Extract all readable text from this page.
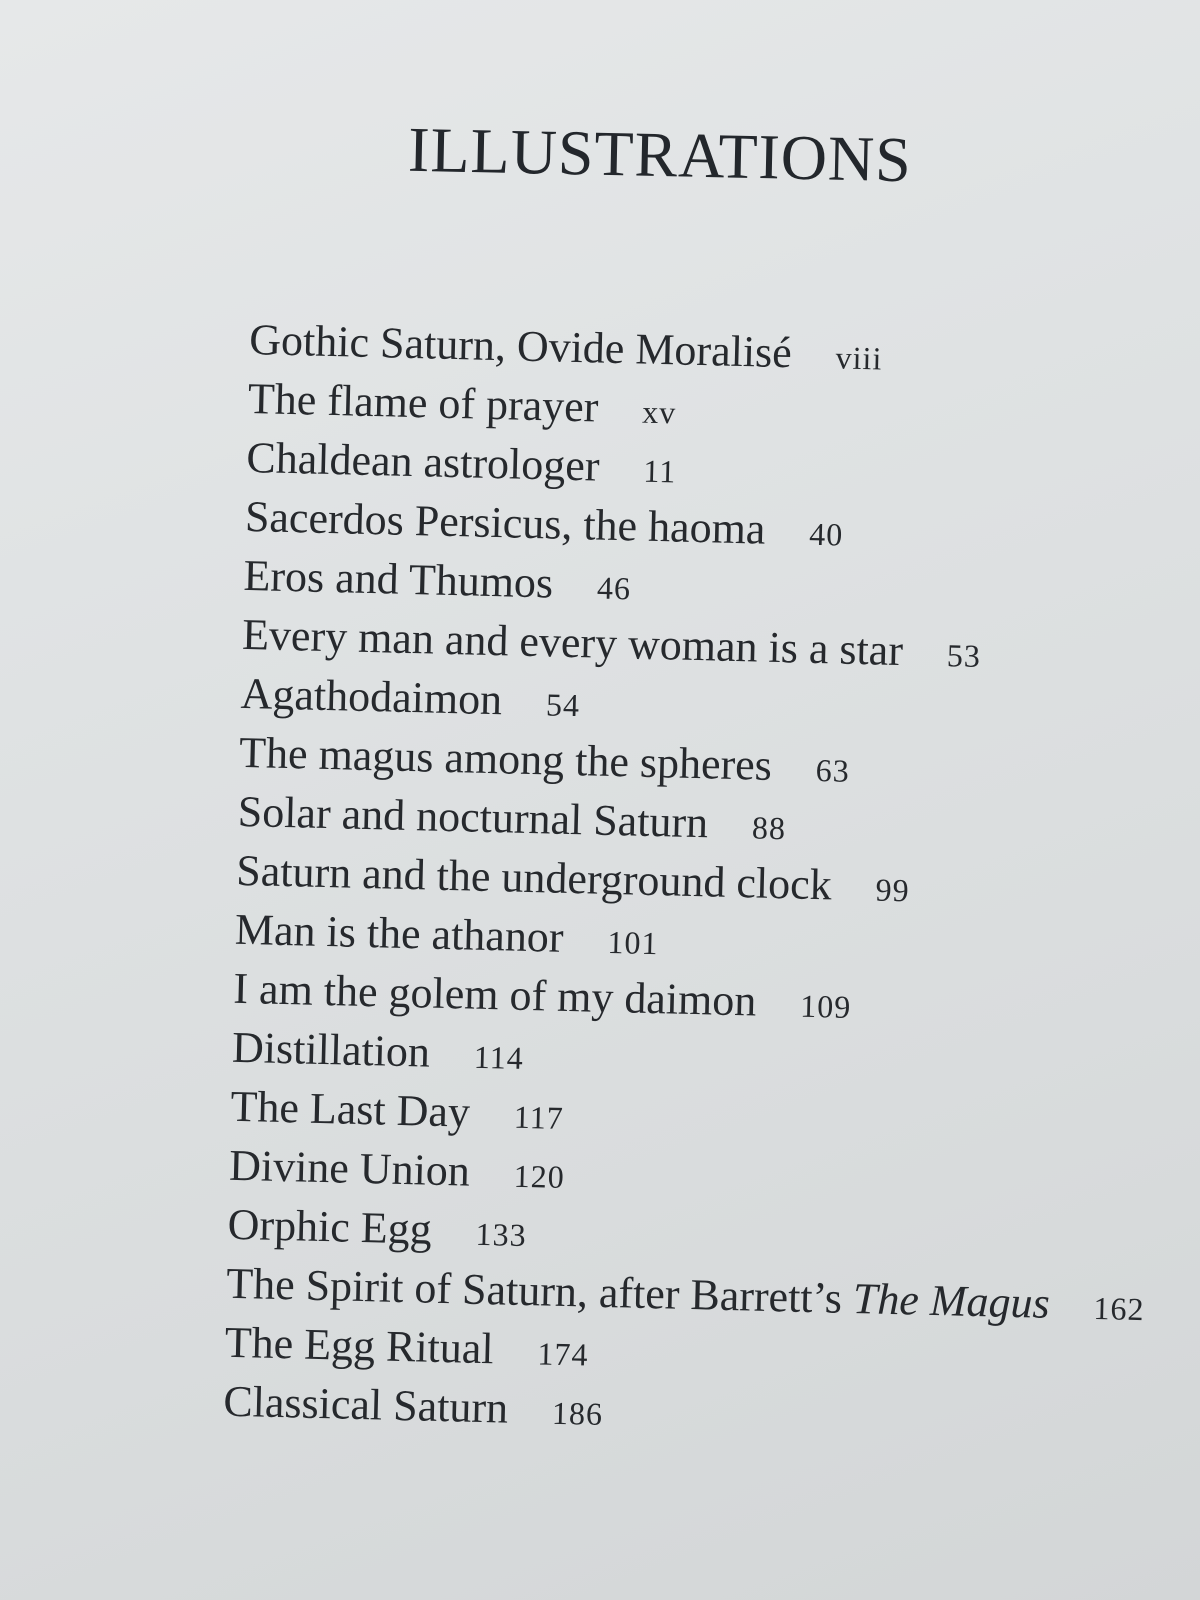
ILLUSTRATIONS
Gothic Saturn, Ovide Moralisé viii
The flame of prayer xv
Chaldean astrologer 11
Sacerdos Persicus, the haoma 40
Eros and Thumos 46
Every man and every woman is a star 53
Agathodaimon 54
The magus among the spheres 63
Solar and nocturnal Saturn 88
Saturn and the underground clock 99
Man is the athanor 101
I am the golem of my daimon 109
Distillation 114
The Last Day 117
Divine Union 120
Orphic Egg 133
The Spirit of Saturn, after Barrett’s The Magus 162
The Egg Ritual 174
Classical Saturn 186
